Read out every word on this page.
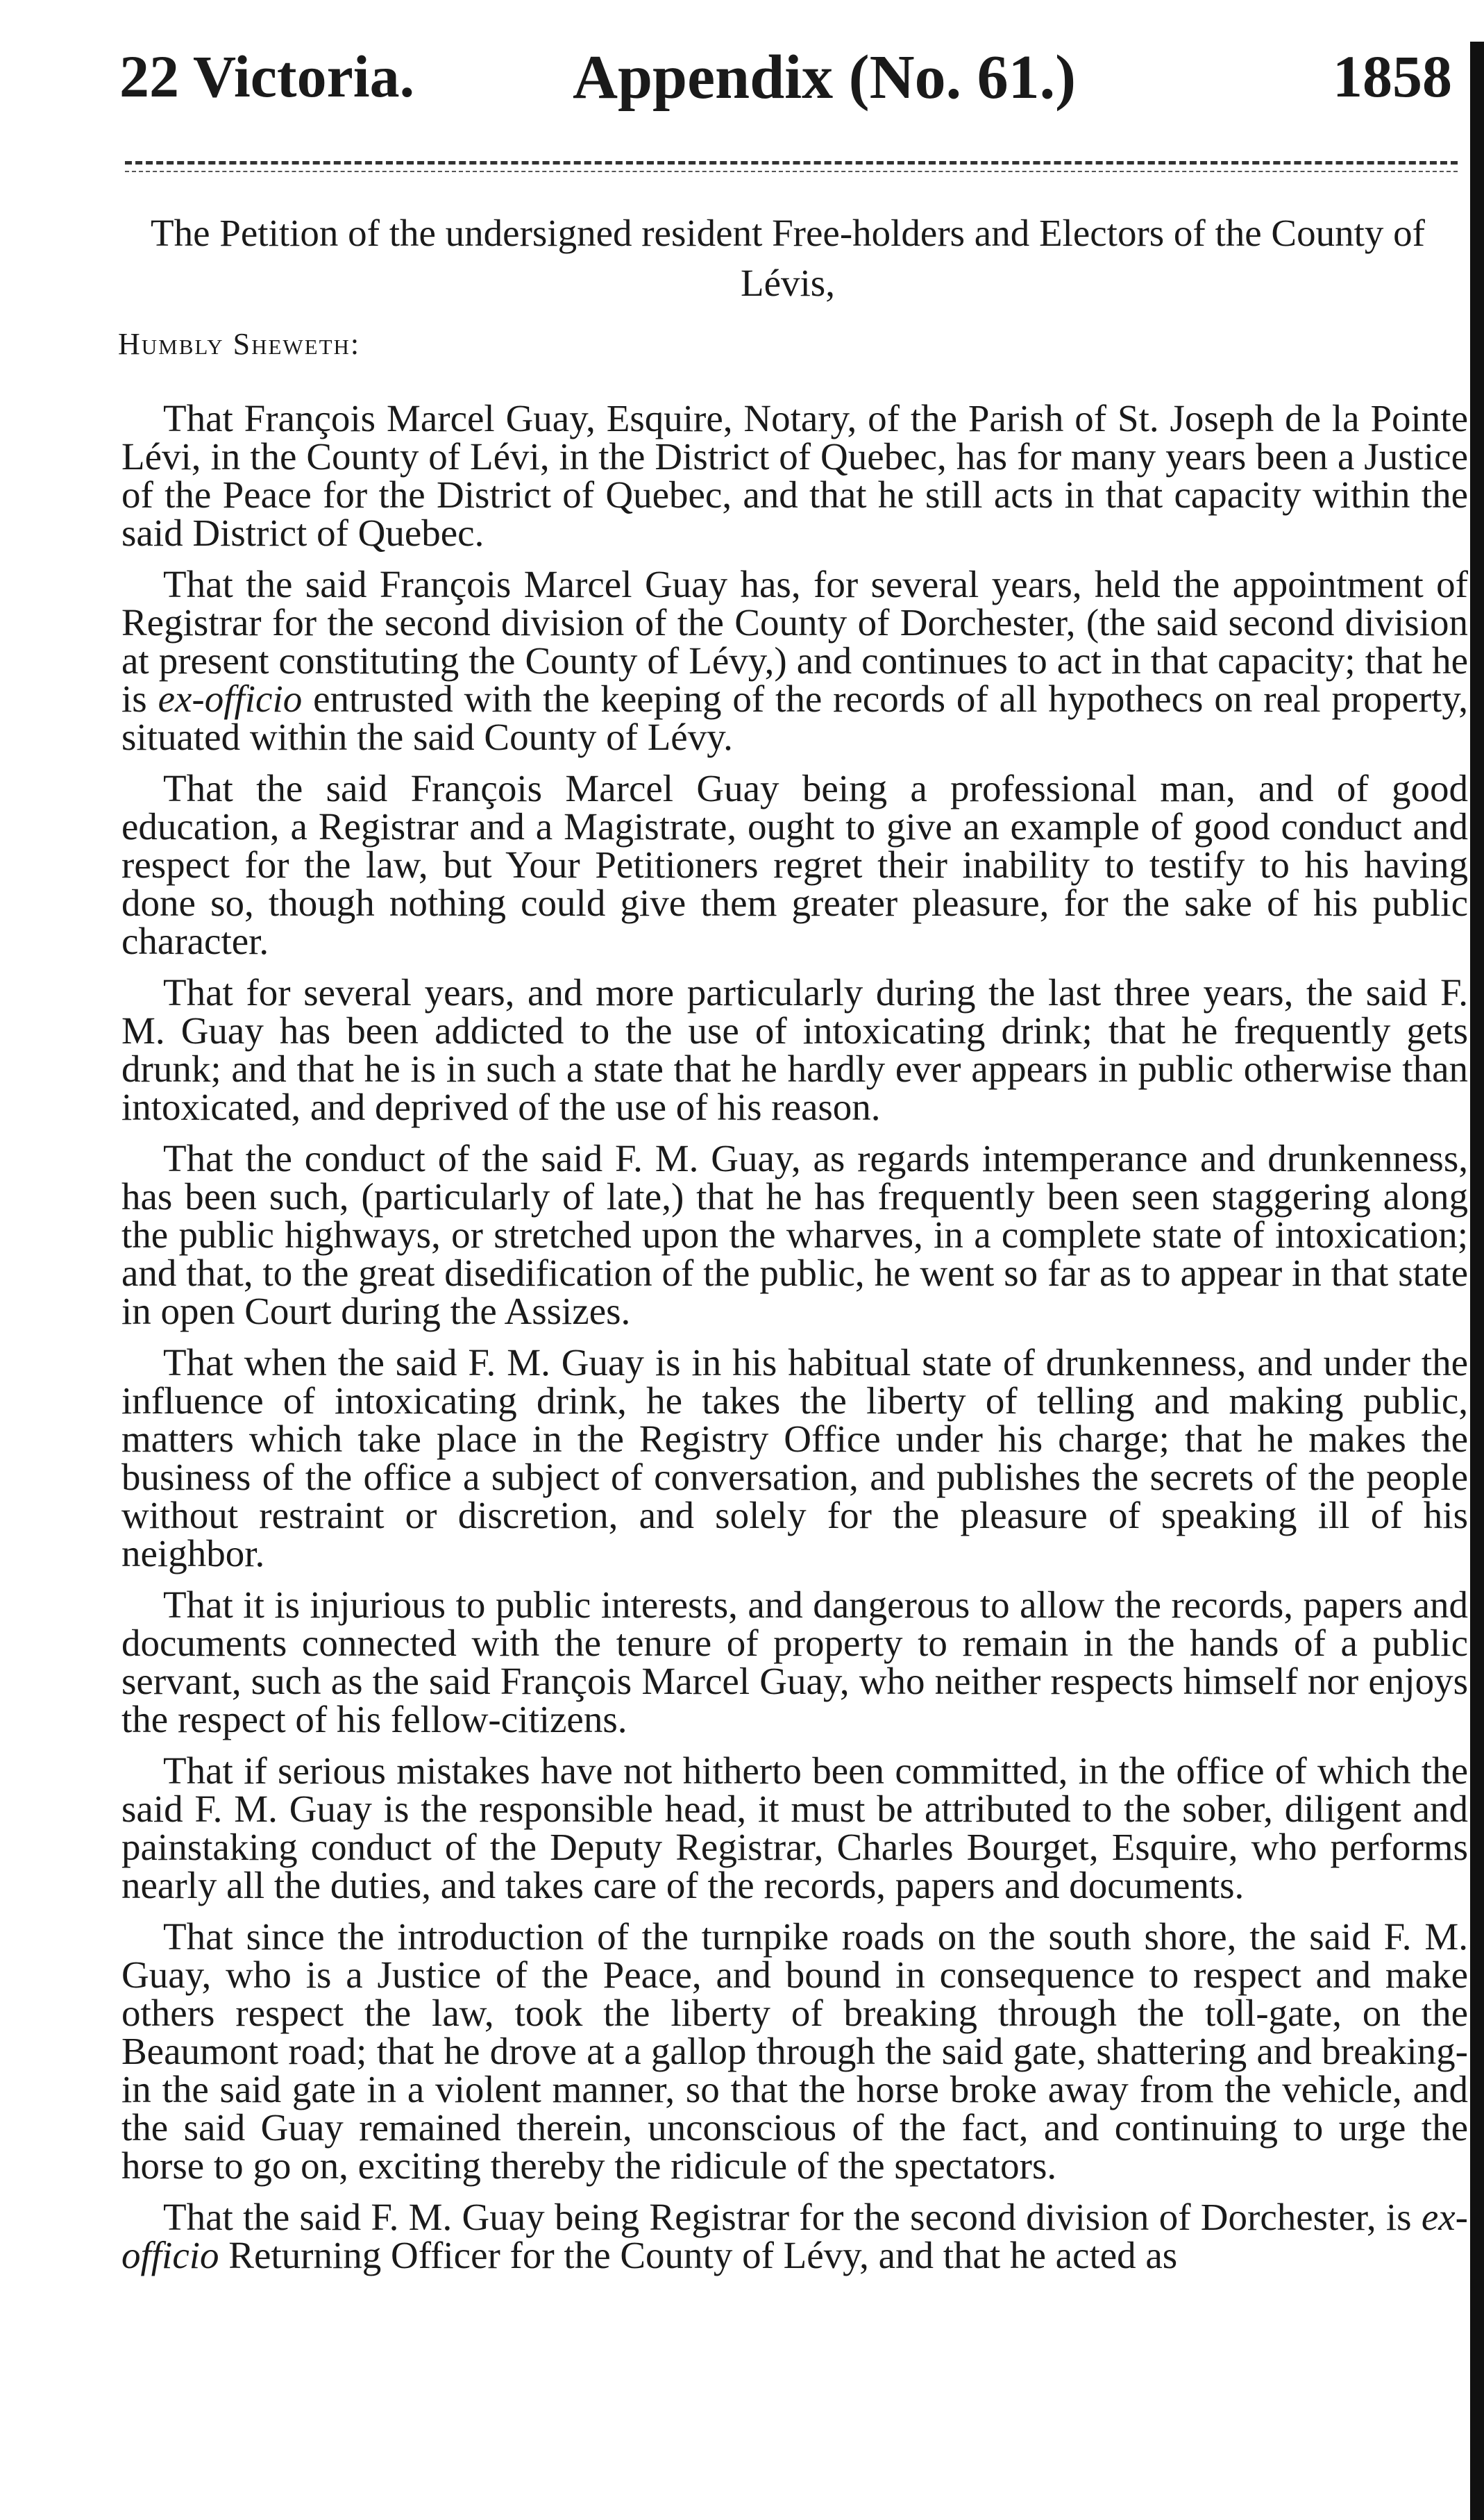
22 Victoria.	Appendix (No. 61.)	1858
The Petition of the undersigned resident Free-holders and Electors of the County of Lévis,
Humbly Sheweth:

That François Marcel Guay, Esquire, Notary, of the Parish of St. Joseph de la Pointe Lévi, in the County of Lévi, in the District of Quebec, has for many years been a Justice of the Peace for the District of Quebec, and that he still acts in that capacity within the said District of Quebec.

That the said François Marcel Guay has, for several years, held the appointment of Registrar for the second division of the County of Dorchester, (the said second division at present constituting the County of Lévy,) and continues to act in that capacity; that he is ex-officio entrusted with the keeping of the records of all hypothecs on real property, situated within the said County of Lévy.

That the said François Marcel Guay being a professional man, and of good education, a Registrar and a Magistrate, ought to give an example of good conduct and respect for the law, but Your Petitioners regret their inability to testify to his having done so, though nothing could give them greater pleasure, for the sake of his public character.

That for several years, and more particularly during the last three years, the said F. M. Guay has been addicted to the use of intoxicating drink; that he frequently gets drunk; and that he is in such a state that he hardly ever appears in public otherwise than intoxicated, and deprived of the use of his reason.

That the conduct of the said F. M. Guay, as regards intemperance and drunkenness, has been such, (particularly of late,) that he has frequently been seen staggering along the public highways, or stretched upon the wharves, in a complete state of intoxication; and that, to the great disedification of the public, he went so far as to appear in that state in open Court during the Assizes.

That when the said F. M. Guay is in his habitual state of drunkenness, and under the influence of intoxicating drink, he takes the liberty of telling and making public, matters which take place in the Registry Office under his charge; that he makes the business of the office a subject of conversation, and publishes the secrets of the people without restraint or discretion, and solely for the pleasure of speaking ill of his neighbor.

That it is injurious to public interests, and dangerous to allow the records, papers and documents connected with the tenure of property to remain in the hands of a public servant, such as the said François Marcel Guay, who neither respects himself nor enjoys the respect of his fellow-citizens.

That if serious mistakes have not hitherto been committed, in the office of which the said F. M. Guay is the responsible head, it must be attributed to the sober, diligent and painstaking conduct of the Deputy Registrar, Charles Bourget, Esquire, who performs nearly all the duties, and takes care of the records, papers and documents.

That since the introduction of the turnpike roads on the south shore, the said F. M. Guay, who is a Justice of the Peace, and bound in consequence to respect and make others respect the law, took the liberty of breaking through the toll-gate, on the Beaumont road; that he drove at a gallop through the said gate, shattering and breaking-in the said gate in a violent manner, so that the horse broke away from the vehicle, and the said Guay remained therein, unconscious of the fact, and continuing to urge the horse to go on, exciting thereby the ridicule of the spectators.

That the said F. M. Guay being Registrar for the second division of Dorchester, is ex-officio Returning Officer for the County of Lévy, and that he acted as
